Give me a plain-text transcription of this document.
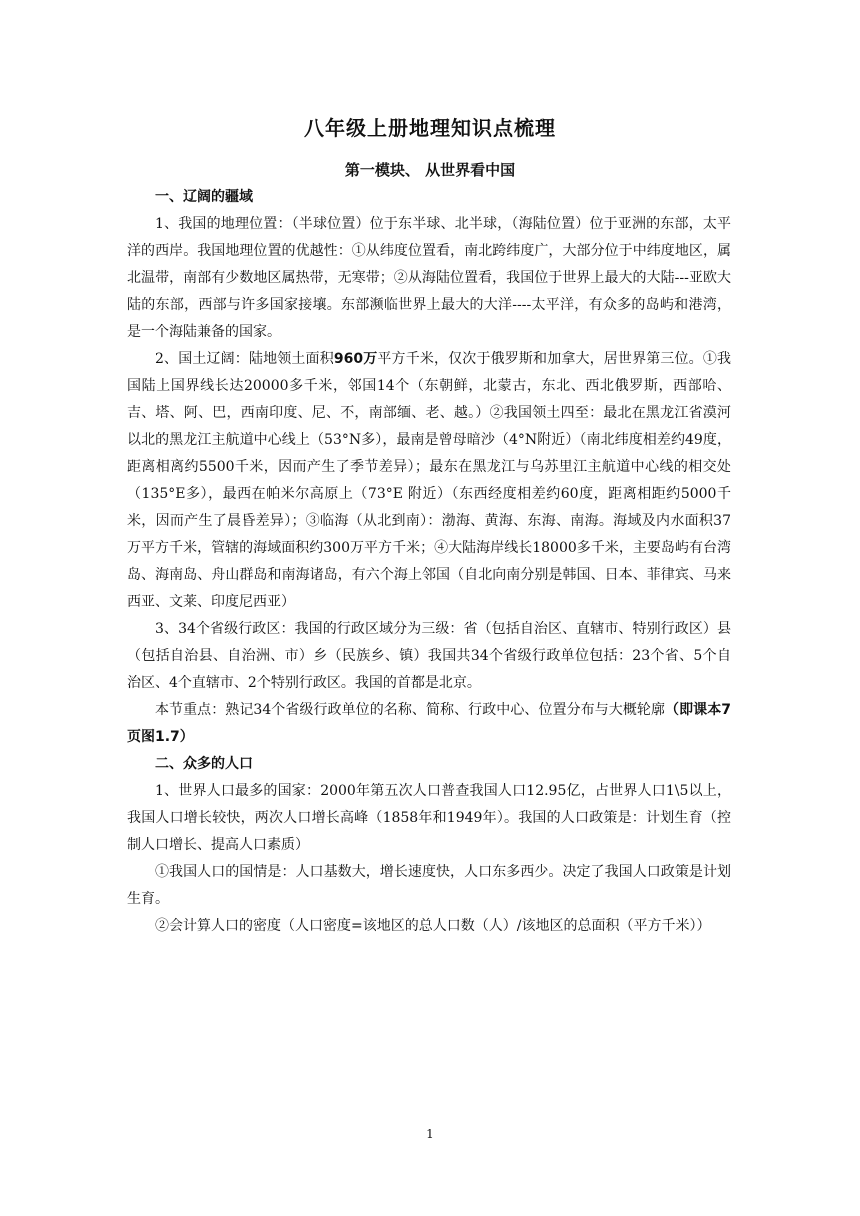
八年级上册地理知识点梳理
第一模块、 从世界看中国

一、辽阔的疆域

1、我国的地理位置：（半球位置）位于东半球、北半球，（海陆位置）位于亚洲的东部，太平洋的西岸。我国地理位置的优越性：①从纬度位置看，南北跨纬度广，大部分位于中纬度地区，属北温带，南部有少数地区属热带，无寒带；②从海陆位置看，我国位于世界上最大的大陆---亚欧大陆的东部，西部与许多国家接壤。东部濒临世界上最大的大洋----太平洋，有众多的岛屿和港湾，是一个海陆兼备的国家。

2、国土辽阔：陆地领土面积960万平方千米，仅次于俄罗斯和加拿大，居世界第三位。①我国陆上国界线长达20000多千米，邻国14个（东朝鲜，北蒙古，东北、西北俄罗斯，西部哈、吉、塔、阿、巴，西南印度、尼、不，南部缅、老、越。）②我国领土四至：最北在黑龙江省漠河以北的黑龙江主航道中心线上（53°N多），最南是曾母暗沙（4°N附近）（南北纬度相差约49度，距离相离约5500千米，因而产生了季节差异）；最东在黑龙江与乌苏里江主航道中心线的相交处（135°E多），最西在帕米尔高原上（73°E 附近）（东西经度相差约60度，距离相距约5000千米，因而产生了晨昏差异）；③临海（从北到南）：渤海、黄海、东海、南海。海域及内水面积37万平方千米，管辖的海域面积约300万平方千米；④大陆海岸线长18000多千米，主要岛屿有台湾岛、海南岛、舟山群岛和南海诸岛，有六个海上邻国（自北向南分别是韩国、日本、菲律宾、马来西亚、文莱、印度尼西亚）

3、34个省级行政区：我国的行政区域分为三级：省（包括自治区、直辖市、特别行政区）县（包括自治县、自治洲、市）乡（民族乡、镇）我国共34个省级行政单位包括：23个省、5个自治区、4个直辖市、2个特别行政区。我国的首都是北京。

本节重点：熟记34个省级行政单位的名称、简称、行政中心、位置分布与大概轮廓（即课本7页图1.7）

二、众多的人口

1、世界人口最多的国家：2000年第五次人口普查我国人口12.95亿，占世界人口1\5以上，我国人口增长较快，两次人口增长高峰（1858年和1949年）。我国的人口政策是：计划生育（控制人口增长、提高人口素质）

①我国人口的国情是：人口基数大，增长速度快，人口东多西少。决定了我国人口政策是计划生育。

②会计算人口的密度（人口密度=该地区的总人口数（人）/该地区的总面积（平方千米））

1
